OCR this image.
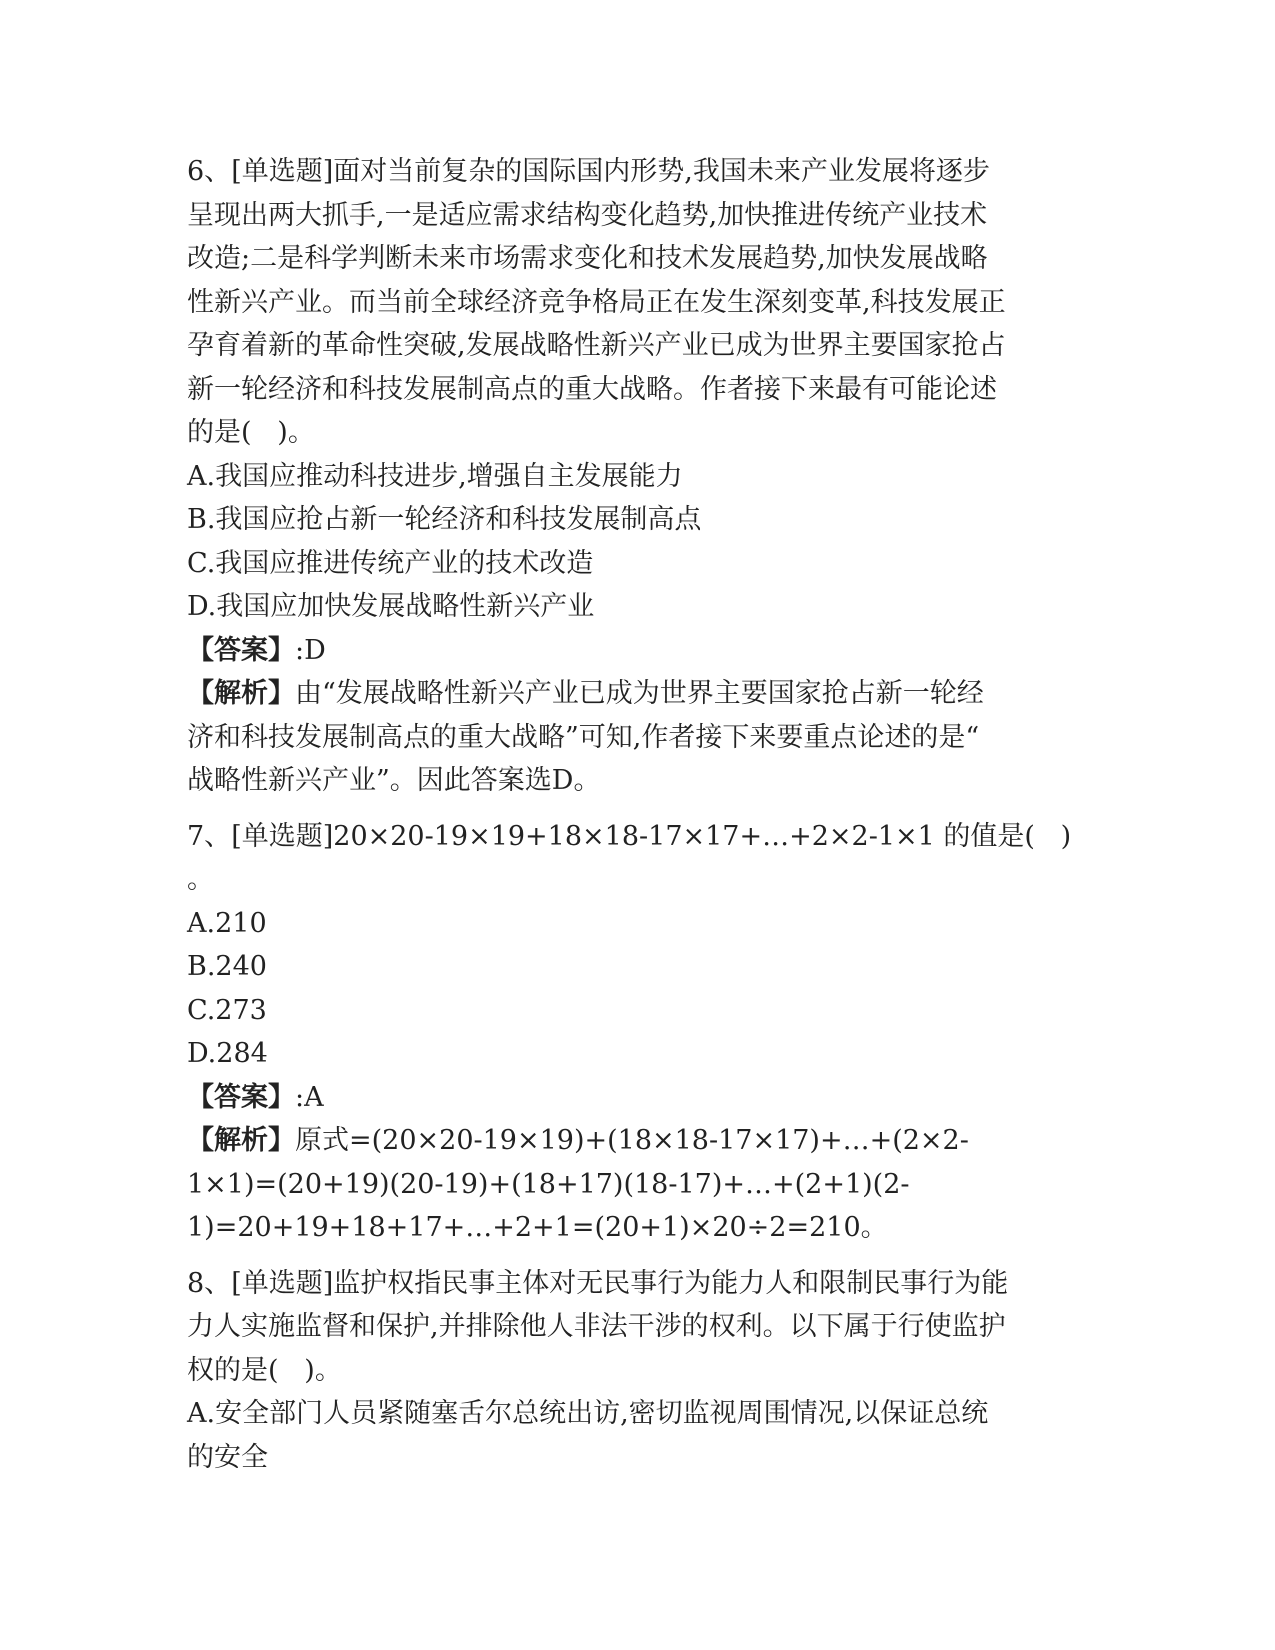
6、[单选题]面对当前复杂的国际国内形势,我国未来产业发展将逐步
呈现出两大抓手,一是适应需求结构变化趋势,加快推进传统产业技术
改造;二是科学判断未来市场需求变化和技术发展趋势,加快发展战略
性新兴产业。而当前全球经济竞争格局正在发生深刻变革,科技发展正
孕育着新的革命性突破,发展战略性新兴产业已成为世界主要国家抢占
新一轮经济和科技发展制高点的重大战略。作者接下来最有可能论述
的是(   )。
A.我国应推动科技进步,增强自主发展能力
B.我国应抢占新一轮经济和科技发展制高点
C.我国应推进传统产业的技术改造
D.我国应加快发展战略性新兴产业
【答案】:D
【解析】由“发展战略性新兴产业已成为世界主要国家抢占新一轮经
济和科技发展制高点的重大战略”可知,作者接下来要重点论述的是“
战略性新兴产业”。因此答案选D。
7、[单选题]20×20-19×19+18×18-17×17+…+2×2-1×1 的值是(   )
。
A.210
B.240
C.273
D.284
【答案】:A
【解析】原式=(20×20-19×19)+(18×18-17×17)+…+(2×2-
1×1)=(20+19)(20-19)+(18+17)(18-17)+…+(2+1)(2-
1)=20+19+18+17+…+2+1=(20+1)×20÷2=210。
8、[单选题]监护权指民事主体对无民事行为能力人和限制民事行为能
力人实施监督和保护,并排除他人非法干涉的权利。以下属于行使监护
权的是(   )。
A.安全部门人员紧随塞舌尔总统出访,密切监视周围情况,以保证总统
的安全
